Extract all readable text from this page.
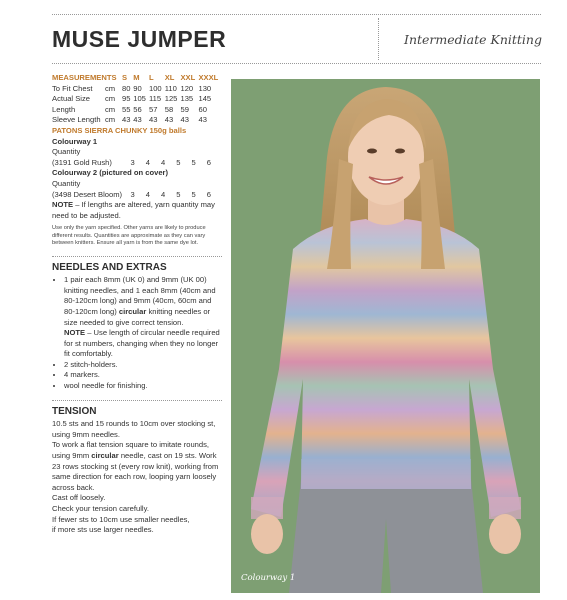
MUSE JUMPER	Intermediate Knitting
MEASUREMENTS		S	M	L	XL	XXL	XXXL
To Fit Chest	cm	80	90	100	110	120	130
Actual Size	cm	95	105	115	125	135	145
Length	cm	55	56	57	58	59	60
Sleeve Length	cm	43	43	43	43	43	43
PATONS SIERRA CHUNKY 150g balls
Colourway 1
Quantity
(3191 Gold Rush)	3	4	4	5	5	6
Colourway 2 (pictured on cover)
Quantity
(3498 Desert Bloom)	3	4	4	5	5	6
NOTE – If lengths are altered, yarn quantity may need to be adjusted.
Use only the yarn specified. Other yarns are likely to produce different results. Quantities are approximate as they can vary between knitters. Ensure all yarn is from the same dye lot.
NEEDLES AND EXTRAS
• 1 pair each 8mm (UK 0) and 9mm (UK 00) knitting needles, and 1 each 8mm (40cm and 80-120cm long) and 9mm (40cm, 60cm and 80-120cm long) circular knitting needles or size needed to give correct tension.
NOTE – Use length of circular needle required for st numbers, changing when they no longer fit comfortably.
• 2 stitch-holders.
• 4 markers.
• wool needle for finishing.
TENSION
10.5 sts and 15 rounds to 10cm over stocking st, using 9mm needles.
To work a flat tension square to imitate rounds, using 9mm circular needle, cast on 19 sts. Work 23 rows stocking st (every row knit), working from same direction for each row, looping yarn loosely across back.
Cast off loosely.
Check your tension carefully.
If fewer sts to 10cm use smaller needles,
if more sts use larger needles.
Colourway 1
